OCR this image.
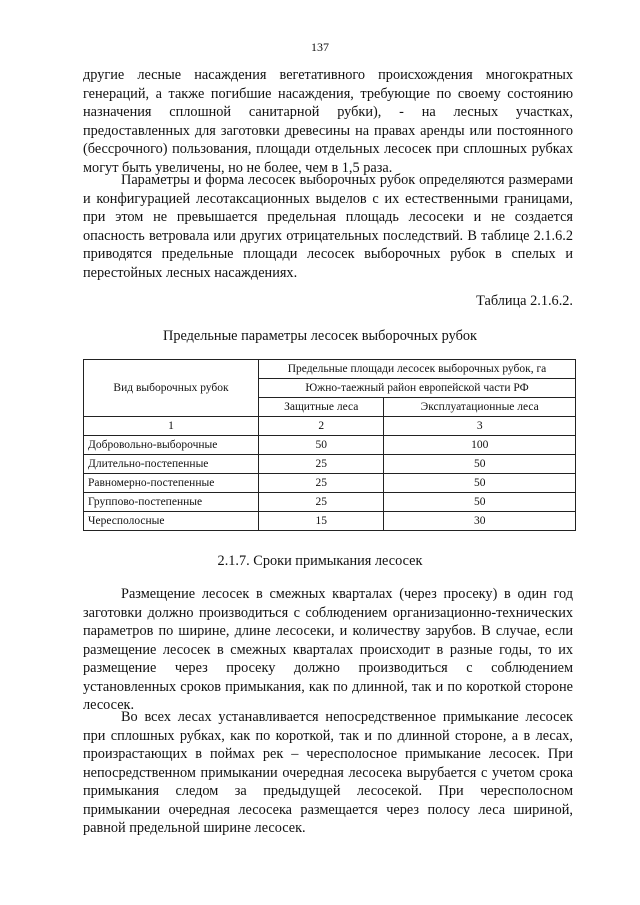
137

другие лесные насаждения вегетативного происхождения многократных генераций, а также погибшие насаждения, требующие по своему состоянию назначения сплошной санитарной рубки), - на лесных участках, предоставленных для заготовки древесины на правах аренды или постоянного (бессрочного) пользования, площади отдельных лесосек при сплошных рубках могут быть увеличены, но не более, чем в 1,5 раза.

Параметры и форма лесосек выборочных рубок определяются размерами и конфигурацией лесотаксационных выделов с их естественными границами, при этом не превышается предельная площадь лесосеки и не создается опасность ветровала или других отрицательных последствий. В таблице 2.1.6.2 приводятся предельные площади лесосек выборочных рубок в спелых и перестойных лесных насаждениях.

Таблица 2.1.6.2.
Предельные параметры лесосек выборочных рубок
Вид выборочных рубок	Предельные площади лесосек выборочных рубок, га	
	Южно-таежный район европейской части РФ	
	Защитные леса	Эксплуатационные леса
1	2	3
Добровольно-выборочные	50	100
Длительно-постепенные	25	50
Равномерно-постепенные	25	50
Группово-постепенные	25	50
Чересполосные	15	30
2.1.7. Сроки примыкания лесосек

Размещение лесосек в смежных кварталах (через просеку) в один год заготовки должно производиться с соблюдением организационно-технических параметров по ширине, длине лесосеки, и количеству зарубов. В случае, если размещение лесосек в смежных кварталах происходит в разные годы, то их размещение через просеку должно производиться с соблюдением установленных сроков примыкания, как по длинной, так и по короткой стороне лесосек.

Во всех лесах устанавливается непосредственное примыкание лесосек при сплошных рубках, как по короткой, так и по длинной стороне, а в лесах, произрастающих в поймах рек – чересполосное примыкание лесосек. При непосредственном примыкании очередная лесосека вырубается с учетом срока примыкания следом за предыдущей лесосекой. При чересполосном примыкании очередная лесосека размещается через полосу леса шириной, равной предельной ширине лесосек.
